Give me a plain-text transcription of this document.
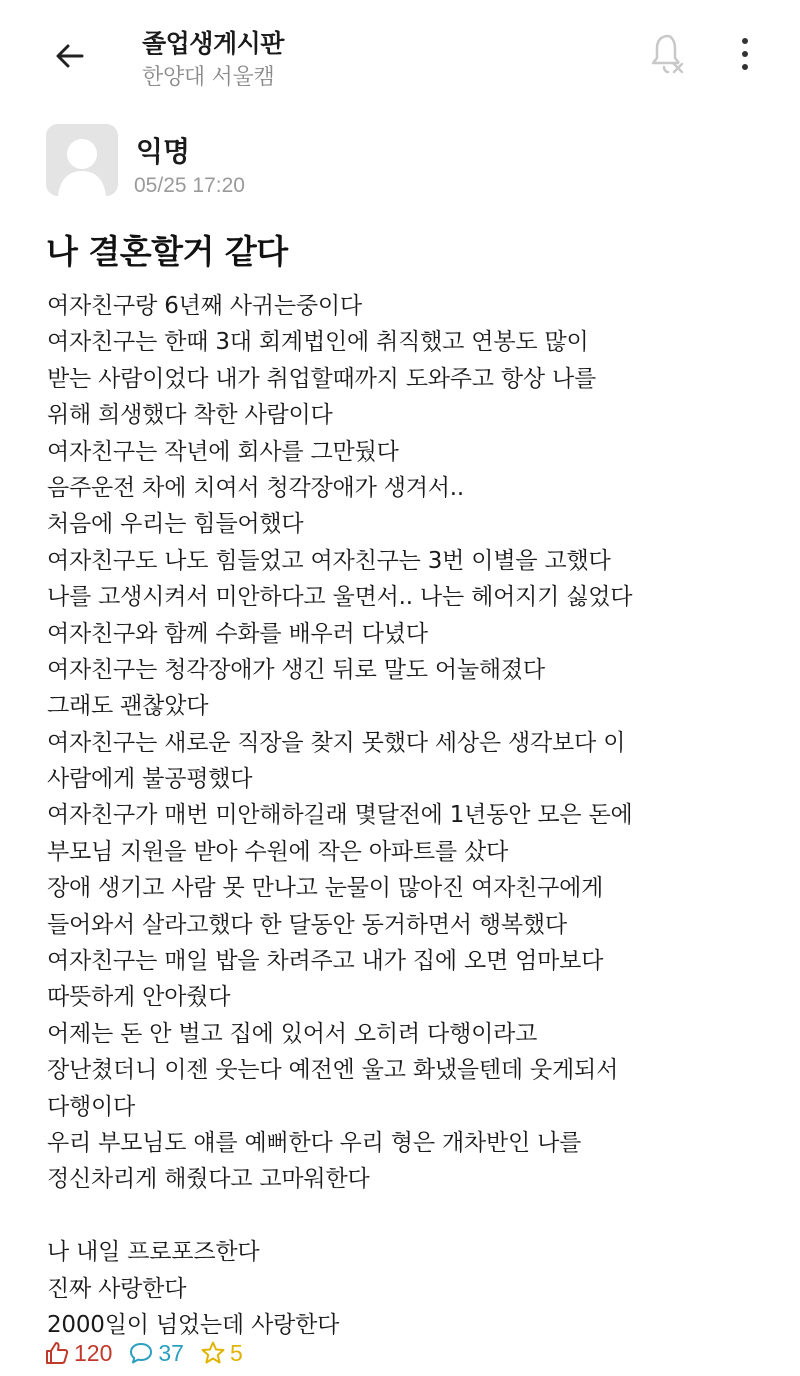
졸업생게시판
한양대 서울캠
익명
05/25 17:20
나 결혼할거 같다
여자친구랑 6년째 사귀는중이다
여자친구는 한때 3대 회계법인에 취직했고 연봉도 많이
받는 사람이었다 내가 취업할때까지 도와주고 항상 나를
위해 희생했다 착한 사람이다
여자친구는 작년에 회사를 그만뒀다
음주운전 차에 치여서 청각장애가 생겨서..
처음에 우리는 힘들어했다
여자친구도 나도 힘들었고 여자친구는 3번 이별을 고했다
나를 고생시켜서 미안하다고 울면서.. 나는 헤어지기 싫었다
여자친구와 함께 수화를 배우러 다녔다
여자친구는 청각장애가 생긴 뒤로 말도 어눌해졌다
그래도 괜찮았다
여자친구는 새로운 직장을 찾지 못했다 세상은 생각보다 이
사람에게 불공평했다
여자친구가 매번 미안해하길래 몇달전에 1년동안 모은 돈에
부모님 지원을 받아 수원에 작은 아파트를 샀다
장애 생기고 사람 못 만나고 눈물이 많아진 여자친구에게
들어와서 살라고했다 한 달동안 동거하면서 행복했다
여자친구는 매일 밥을 차려주고 내가 집에 오면 엄마보다
따뜻하게 안아줬다
어제는 돈 안 벌고 집에 있어서 오히려 다행이라고
장난쳤더니 이젠 웃는다 예전엔 울고 화냈을텐데 웃게되서
다행이다
우리 부모님도 얘를 예뻐한다 우리 형은 개차반인 나를
정신차리게 해줬다고 고마워한다
나 내일 프로포즈한다
진짜 사랑한다
2000일이 넘었는데 사랑한다
120 37 5
